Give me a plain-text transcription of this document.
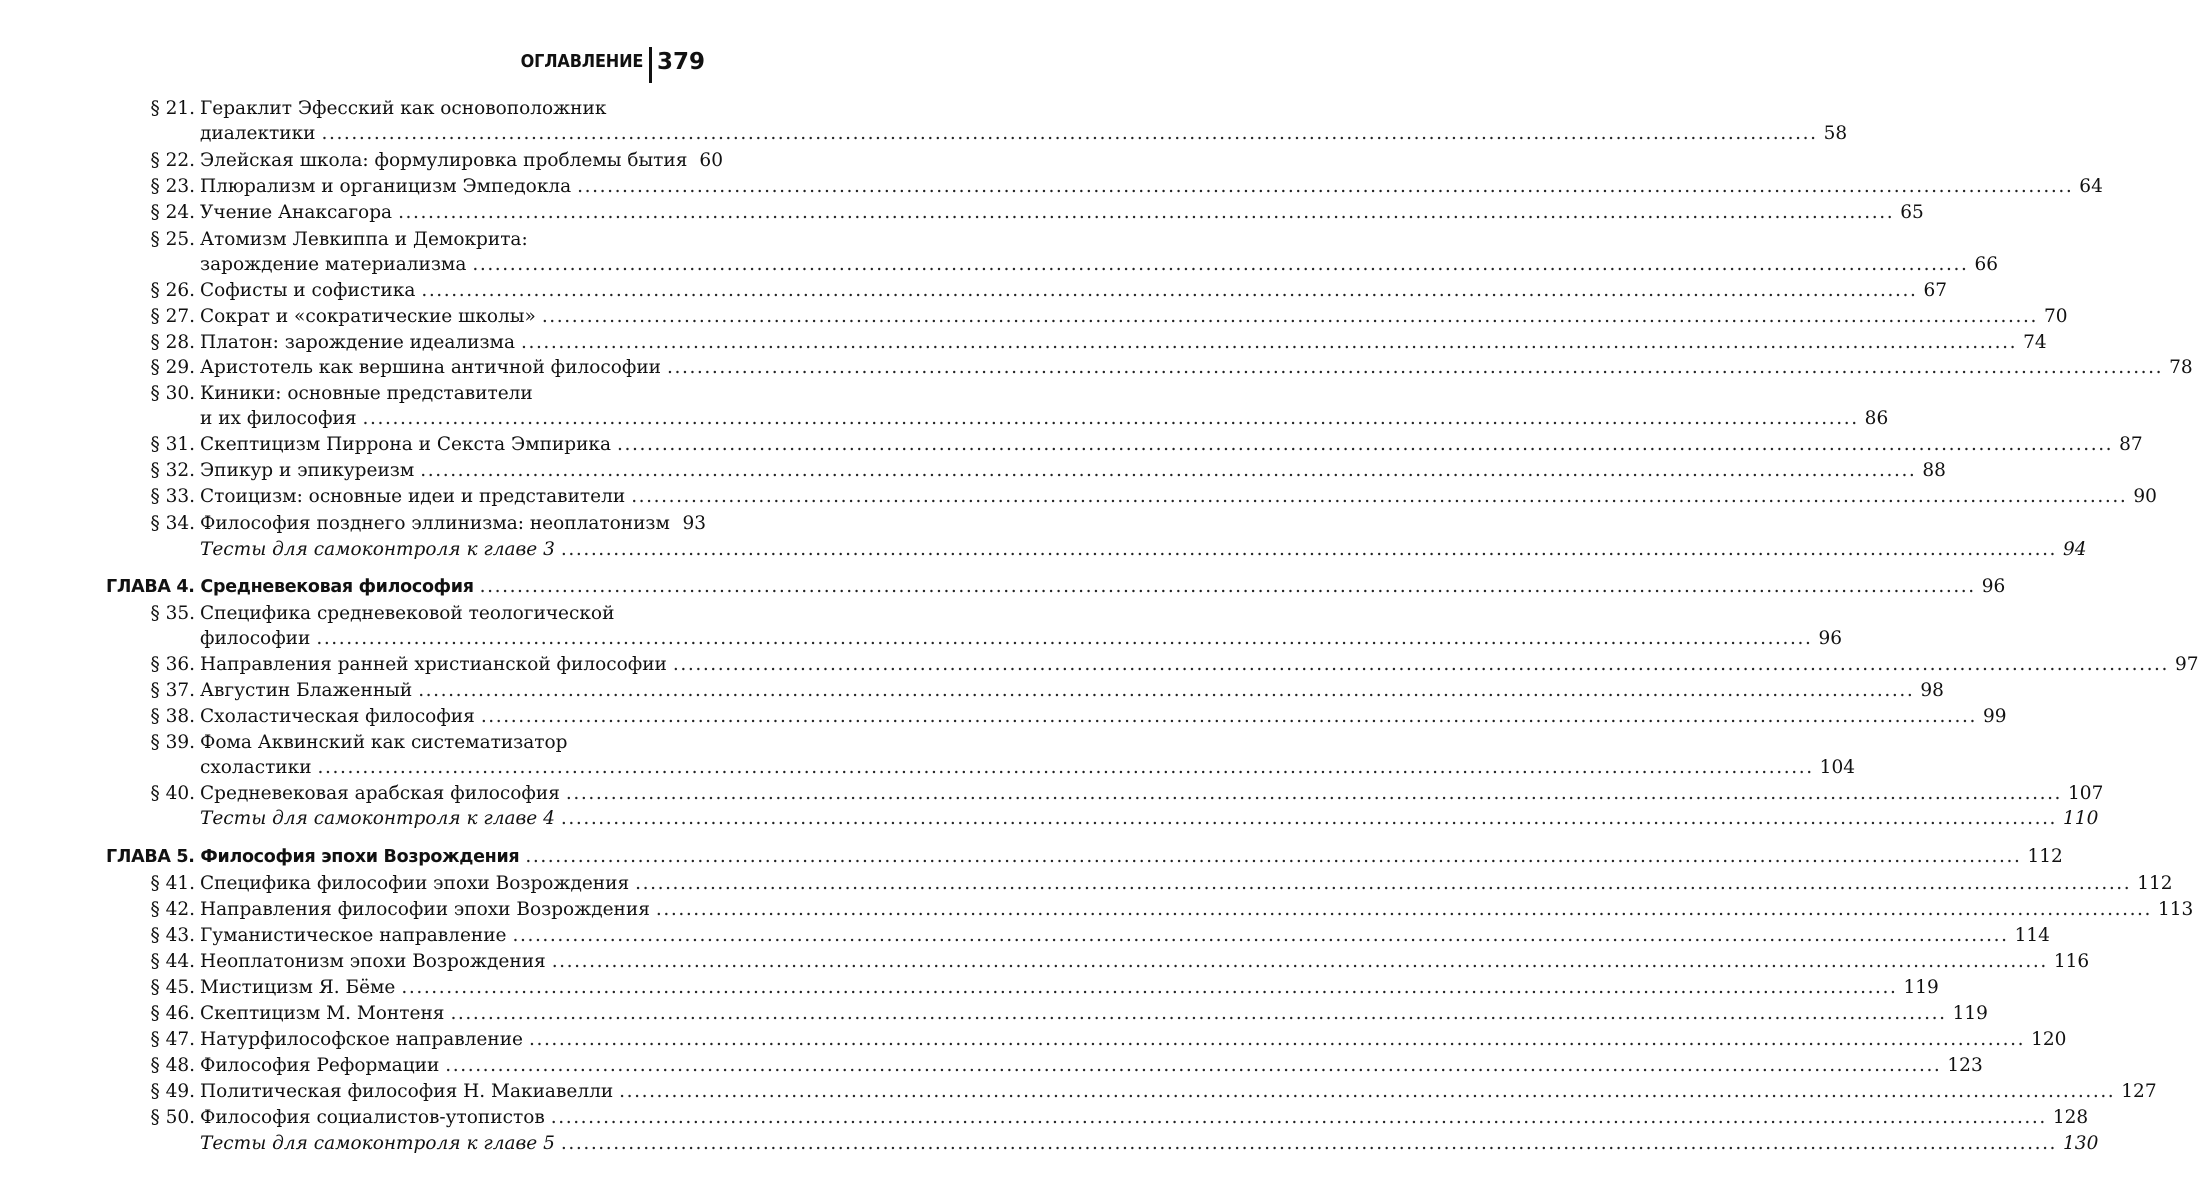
ОГЛАВЛЕНИЕ 379
§ 21. Гераклит Эфесский как основоположник
диалектики ........................................................................................................................................................................................................ 58
§ 22. Элейская школа: формулировка проблемы бытия 60
§ 23. Плюрализм и органицизм Эмпедокла ........................................................................................................................................................................................................ 64
§ 24. Учение Анаксагора ........................................................................................................................................................................................................ 65
§ 25. Атомизм Левкиппа и Демокрита:
зарождение материализма ........................................................................................................................................................................................................ 66
§ 26. Софисты и софистика ........................................................................................................................................................................................................ 67
§ 27. Сократ и «сократические школы» ........................................................................................................................................................................................................ 70
§ 28. Платон: зарождение идеализма ........................................................................................................................................................................................................ 74
§ 29. Аристотель как вершина античной философии ........................................................................................................................................................................................................ 78
§ 30. Киники: основные представители
и их философия ........................................................................................................................................................................................................ 86
§ 31. Скептицизм Пиррона и Секста Эмпирика ........................................................................................................................................................................................................ 87
§ 32. Эпикур и эпикуреизм ........................................................................................................................................................................................................ 88
§ 33. Стоицизм: основные идеи и представители ........................................................................................................................................................................................................ 90
§ 34. Философия позднего эллинизма: неоплатонизм 93
Тесты для самоконтроля к главе 3 ........................................................................................................................................................................................................ 94
ГЛАВА 4. Средневековая философия ........................................................................................................................................................................................................ 96
§ 35. Специфика средневековой теологической
философии ........................................................................................................................................................................................................ 96
§ 36. Направления ранней христианской философии ........................................................................................................................................................................................................ 97
§ 37. Августин Блаженный ........................................................................................................................................................................................................ 98
§ 38. Схоластическая философия ........................................................................................................................................................................................................ 99
§ 39. Фома Аквинский как систематизатор
схоластики ........................................................................................................................................................................................................ 104
§ 40. Средневековая арабская философия ........................................................................................................................................................................................................ 107
Тесты для самоконтроля к главе 4 ........................................................................................................................................................................................................ 110
ГЛАВА 5. Философия эпохи Возрождения ........................................................................................................................................................................................................ 112
§ 41. Специфика философии эпохи Возрождения ........................................................................................................................................................................................................ 112
§ 42. Направления философии эпохи Возрождения ........................................................................................................................................................................................................ 113
§ 43. Гуманистическое направление ........................................................................................................................................................................................................ 114
§ 44. Неоплатонизм эпохи Возрождения ........................................................................................................................................................................................................ 116
§ 45. Мистицизм Я. Бёме ........................................................................................................................................................................................................ 119
§ 46. Скептицизм М. Монтеня ........................................................................................................................................................................................................ 119
§ 47. Натурфилософское направление ........................................................................................................................................................................................................ 120
§ 48. Философия Реформации ........................................................................................................................................................................................................ 123
§ 49. Политическая философия Н. Макиавелли ........................................................................................................................................................................................................ 127
§ 50. Философия социалистов-утопистов ........................................................................................................................................................................................................ 128
Тесты для самоконтроля к главе 5 ........................................................................................................................................................................................................ 130
